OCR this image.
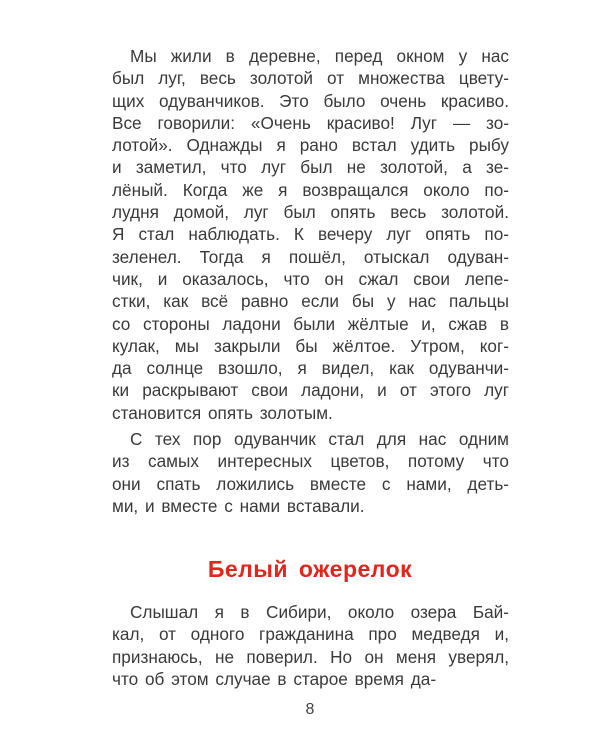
Мы жили в деревне, перед окном у нас
был луг, весь золотой от множества цвету-
щих одуванчиков. Это было очень красиво.
Все говорили: «Очень красиво! Луг — зо-
лотой». Однажды я рано встал удить рыбу
и заметил, что луг был не золотой, а зе-
лёный. Когда же я возвращался около по-
лудня домой, луг был опять весь золотой.
Я стал наблюдать. К вечеру луг опять по-
зеленел. Тогда я пошёл, отыскал одуван-
чик, и оказалось, что он сжал свои лепе-
стки, как всё равно если бы у нас пальцы
со стороны ладони были жёлтые и, сжав в
кулак, мы закрыли бы жёлтое. Утром, ког-
да солнце взошло, я видел, как одуванчи-
ки раскрывают свои ладони, и от этого луг
становится опять золотым.
Белый ожерелок
С тех пор одуванчик стал для нас одним
из самых интересных цветов, потому что
они спать ложились вместе с нами, деть-
ми, и вместе с нами вставали.
Слышал я в Сибири, около озера Бай-
кал, от одного гражданина про медведя и,
признаюсь, не поверил. Но он меня уверял,
что об этом случае в старое время да-
8
